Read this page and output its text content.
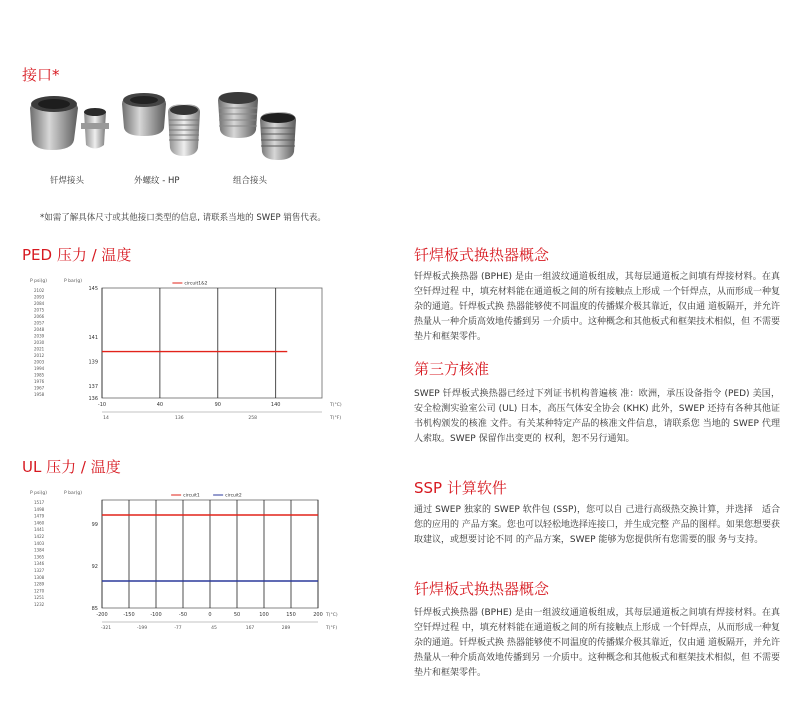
接口*
钎焊接头	外螺纹 - HP	组合接头
*如需了解具体尺寸或其他接口类型的信息, 请联系当地的 SWEP 销售代表。
PED 压力 / 温度
P psi(g)	P bar(g)
-10	40	90	140	T(°C)
145
141
139
137
136
2102
2093
2084
2075
2066
2057
2048
2039
2030
2021
2012
2003
1994
1985
1976
1967
1958
14	136	258	T(°F)
circuit1&2
UL 压力 / 温度
P psi(g)	P bar(g)
-200	-150	-100	-50	0	50	100	150	200 T(°C)
99
92
85
1517
1498
1479
1460
1441
1422
1403
1384
1365
1346
1327
1308
1289
1270
1251
1232
-321	-199	-77	45	167	289	T(°F)
circuit1	circuit2
钎焊板式换热器概念
钎焊板式换热器 (BPHE) 是由一组波纹通道板组成，其每层通道板之间填有焊接材料。在真空钎焊过程 中，填充材料能在通道板之间的所有接触点上形成 一个钎焊点，从而形成一种复杂的通道。钎焊板式换 热器能够使不同温度的传播媒介极其靠近，仅由通 道板隔开，并允许热量从一种介质高效地传播到另 一介质中。这种概念和其他板式和框架技术相似，但 不需要垫片和框架零件。
第三方核准
SWEP 钎焊板式换热器已经过下列证书机构普遍核 准：欧洲，承压设备指令 (PED) 美国，安全检测实验室公司 (UL) 日本，高压气体安全协会 (KHK) 此外，SWEP 还持有各种其他证书机构颁发的核准 文件。有关某种特定产品的核准文件信息，请联系您 当地的 SWEP 代理人索取。SWEP 保留作出变更的 权利，恕不另行通知。
SSP 计算软件
通过 SWEP 独家的 SWEP 软件包 (SSP)，您可以自 己进行高级热交换计算，并选择　适合您的应用的 产品方案。您也可以轻松地选择连接口，并生成完整 产品的图样。如果您想要获取建议，或想要讨论不同 的产品方案，SWEP 能够为您提供所有您需要的服 务与支持。
钎焊板式换热器概念
钎焊板式换热器 (BPHE) 是由一组波纹通道板组成，其每层通道板之间填有焊接材料。在真空钎焊过程 中，填充材料能在通道板之间的所有接触点上形成 一个钎焊点，从而形成一种复杂的通道。钎焊板式换 热器能够使不同温度的传播媒介极其靠近，仅由通 道板隔开，并允许热量从一种介质高效地传播到另 一介质中。这种概念和其他板式和框架技术相似，但 不需要垫片和框架零件。
